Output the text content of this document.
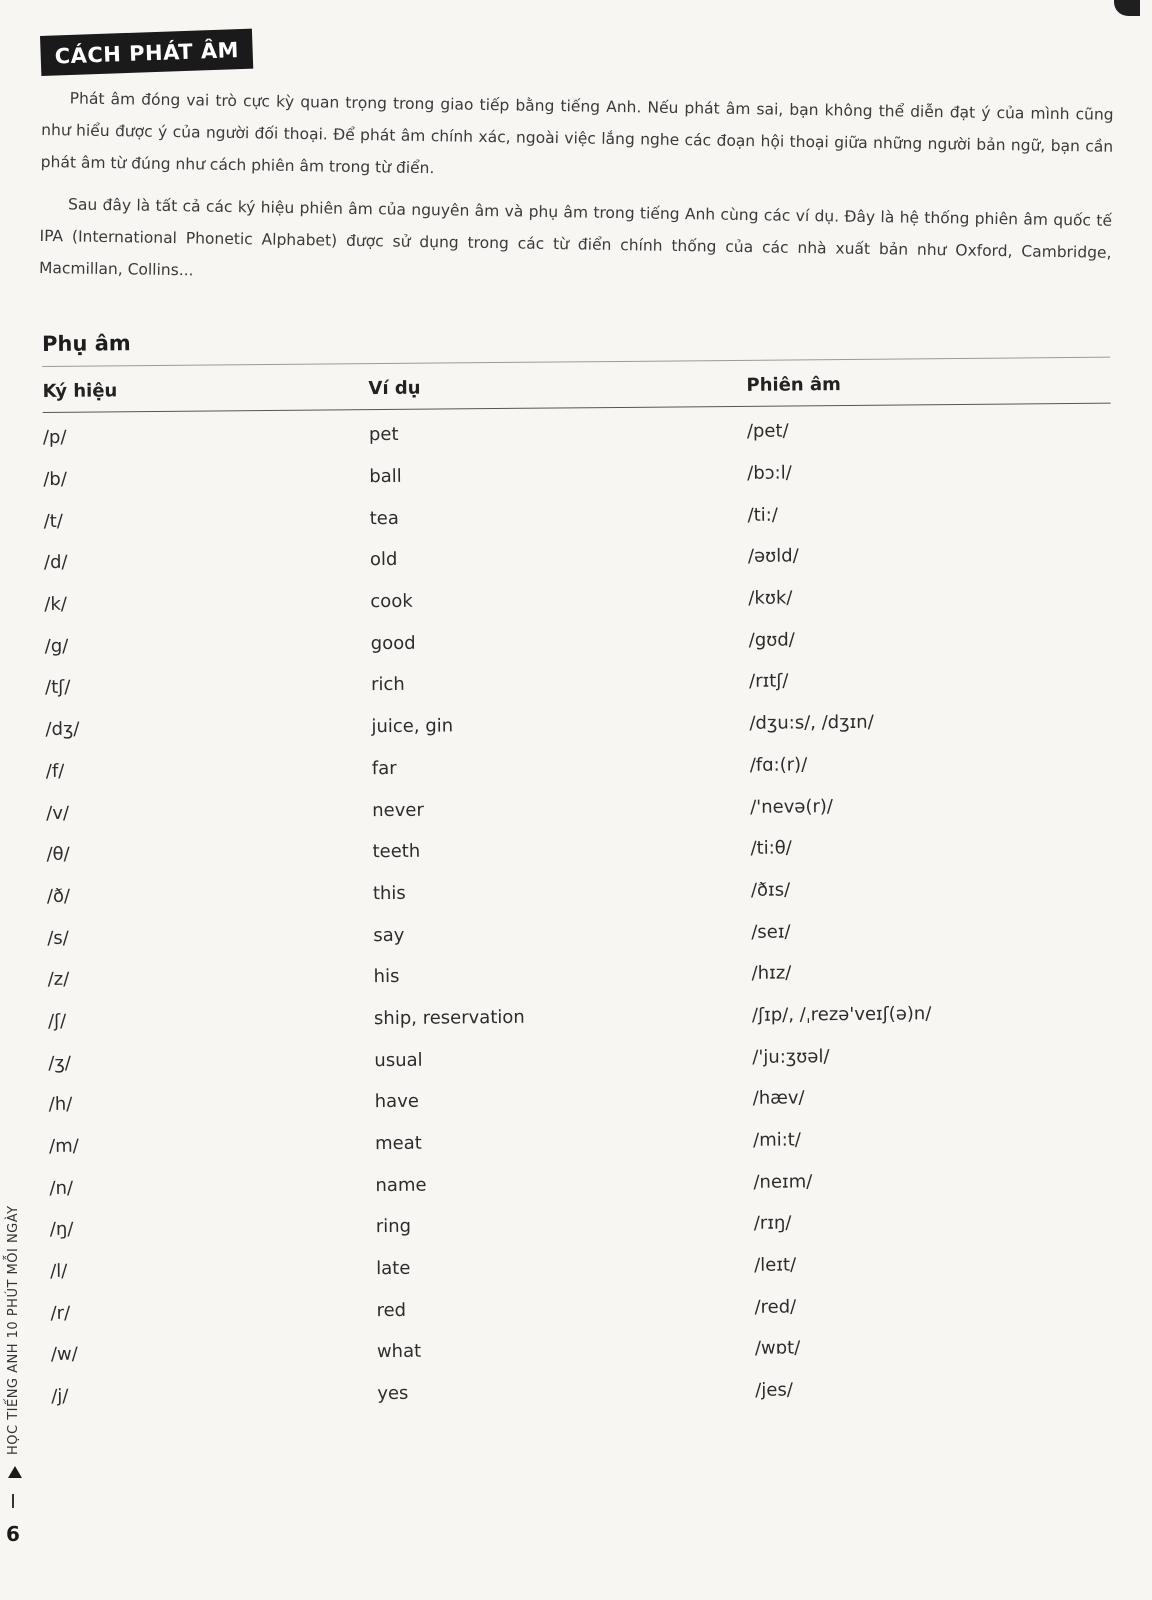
CÁCH PHÁT ÂM

Phát âm đóng vai trò cực kỳ quan trọng trong giao tiếp bằng tiếng Anh. Nếu phát âm sai, bạn không thể diễn đạt ý của mình cũng như hiểu được ý của người đối thoại. Để phát âm chính xác, ngoài việc lắng nghe các đoạn hội thoại giữa những người bản ngữ, bạn cần phát âm từ đúng như cách phiên âm trong từ điển.

Sau đây là tất cả các ký hiệu phiên âm của nguyên âm và phụ âm trong tiếng Anh cùng các ví dụ. Đây là hệ thống phiên âm quốc tế IPA (International Phonetic Alphabet) được sử dụng trong các từ điển chính thống của các nhà xuất bản như Oxford, Cambridge, Macmillan, Collins...

Phụ âm
Ký hiệu	Ví dụ	Phiên âm
/p/	pet	/pet/
/b/	ball	/bɔ:l/
/t/	tea	/ti:/
/d/	old	/əʊld/
/k/	cook	/kʊk/
/g/	good	/gʊd/
/tʃ/	rich	/rɪtʃ/
/dʒ/	juice, gin	/dʒu:s/, /dʒɪn/
/f/	far	/fɑ:(r)/
/v/	never	/'nevə(r)/
/θ/	teeth	/ti:θ/
/ð/	this	/ðɪs/
/s/	say	/seɪ/
/z/	his	/hɪz/
/ʃ/	ship, reservation	/ʃɪp/, /ˌrezə'veɪʃ(ə)n/
/ʒ/	usual	/'ju:ʒʊəl/
/h/	have	/hæv/
/m/	meat	/mi:t/
/n/	name	/neɪm/
/ŋ/	ring	/rɪŋ/
/l/	late	/leɪt/
/r/	red	/red/
/w/	what	/wɒt/
/j/	yes	/jes/
HỌC TIẾNG ANH 10 PHÚT MỖI NGÀY
6
